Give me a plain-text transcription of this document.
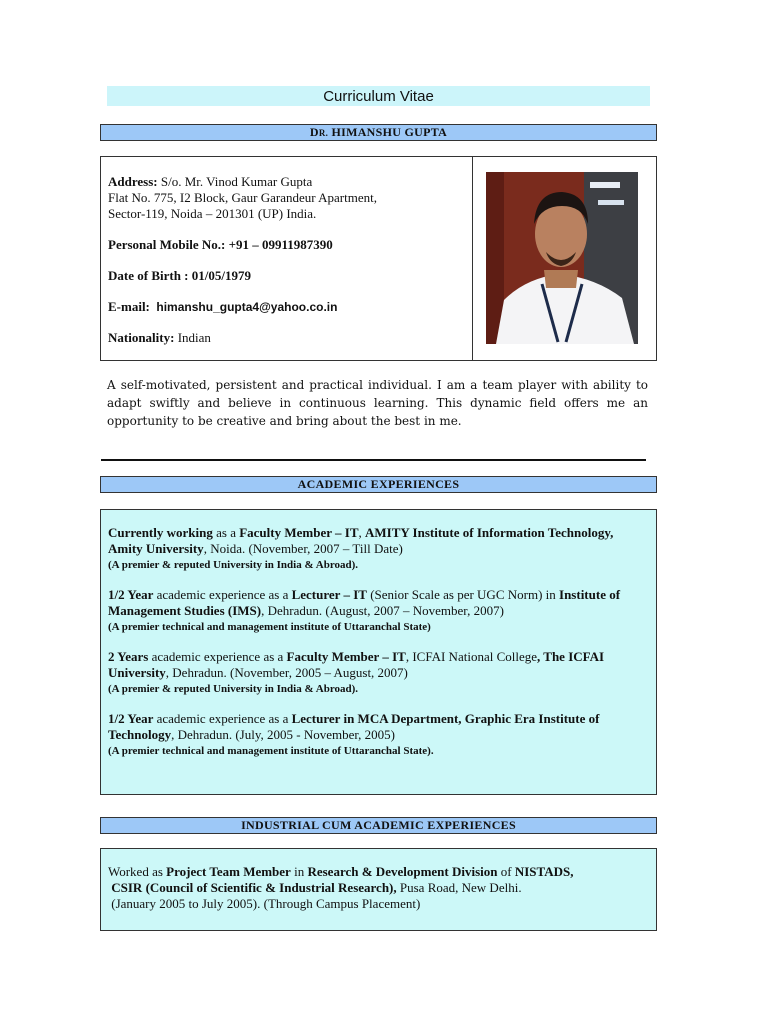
Curriculum Vitae
DR. HIMANSHU GUPTA

Address: S/o. Mr. Vinod Kumar Gupta

Flat No. 775, I2 Block, Gaur Garandeur Apartment,

Sector-119, Noida – 201301 (UP) India.

Personal Mobile No.: +91 – 09911987390

Date of Birth : 01/05/1979

E-mail: himanshu_gupta4@yahoo.co.in

Nationality: Indian

A self-motivated, persistent and practical individual. I am a team player with ability to adapt swiftly and believe in continuous learning. This dynamic field offers me an opportunity to be creative and bring about the best in me.
ACADEMIC EXPERIENCES

Currently working as a Faculty Member – IT, AMITY Institute of Information Technology, Amity University, Noida. (November, 2007 – Till Date)

(A premier & reputed University in India & Abroad).

1/2 Year academic experience as a Lecturer – IT (Senior Scale as per UGC Norm) in Institute of Management Studies (IMS), Dehradun. (August, 2007 – November, 2007)

(A premier technical and management institute of Uttaranchal State)

2 Years academic experience as a Faculty Member – IT, ICFAI National College, The ICFAI University, Dehradun. (November, 2005 – August, 2007)

(A premier & reputed University in India & Abroad).

1/2 Year academic experience as a Lecturer in MCA Department, Graphic Era Institute of Technology, Dehradun. (July, 2005 - November, 2005)

(A premier technical and management institute of Uttaranchal State).

INDUSTRIAL CUM ACADEMIC EXPERIENCES

Worked as Project Team Member in Research & Development Division of NISTADS,

CSIR (Council of Scientific & Industrial Research), Pusa Road, New Delhi.

(January 2005 to July 2005). (Through Campus Placement)
